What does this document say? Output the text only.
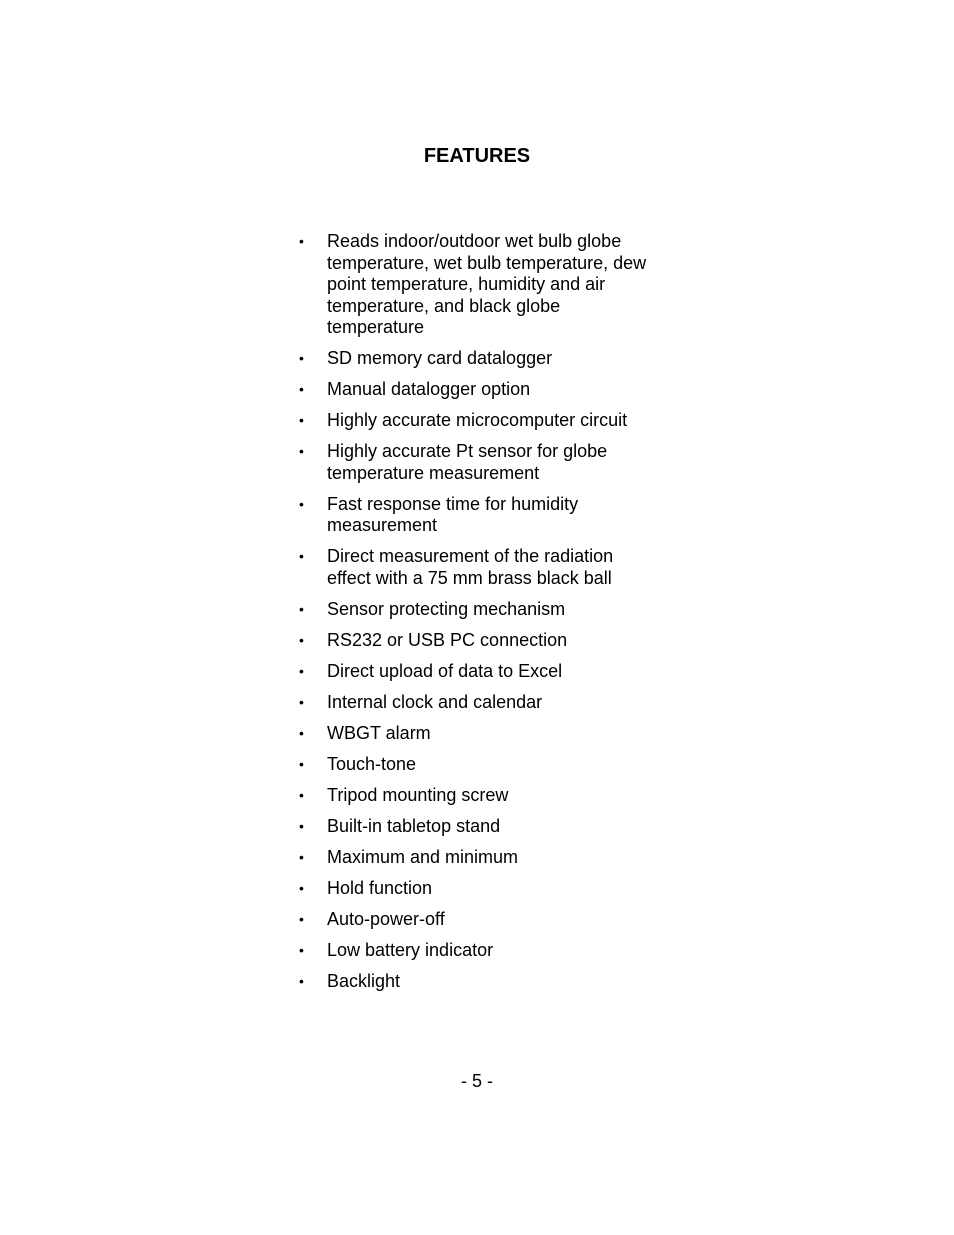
FEATURES
• Reads indoor/outdoor wet bulb globe temperature, wet bulb temperature, dew point temperature, humidity and air temperature, and black globe temperature
• SD memory card datalogger
• Manual datalogger option
• Highly accurate microcomputer circuit
• Highly accurate Pt sensor for globe temperature measurement
• Fast response time for humidity measurement
• Direct measurement of the radiation effect with a 75 mm brass black ball
• Sensor protecting mechanism
• RS232 or USB PC connection
• Direct upload of data to Excel
• Internal clock and calendar
• WBGT alarm
• Touch-tone
• Tripod mounting screw
• Built-in tabletop stand
• Maximum and minimum
• Hold function
• Auto-power-off
• Low battery indicator
• Backlight
- 5 -
